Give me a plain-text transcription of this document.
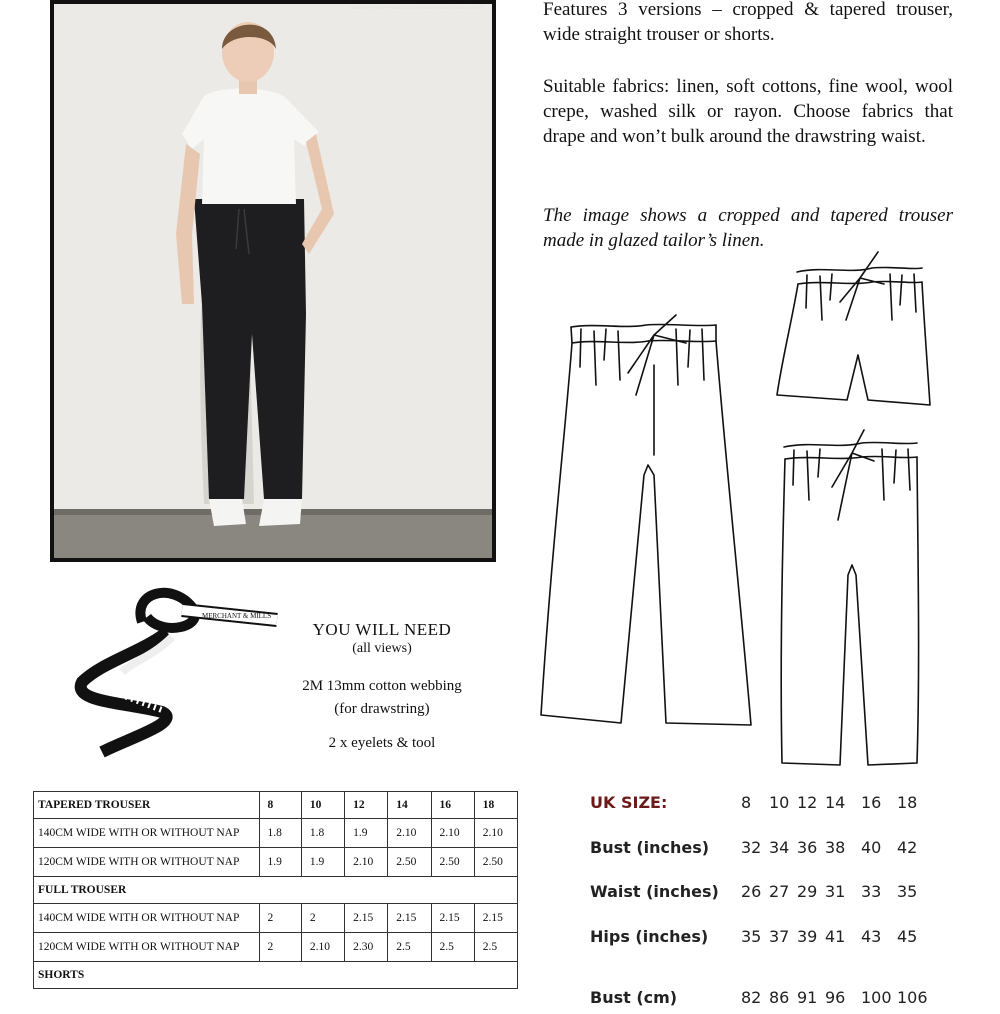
ANOTHER PERKY PRIME CUT FROM MERCHANT & MILLS EYE	Features 3 versions – cropped & tapered trouser, wide straight trouser or shorts.

Suitable fabrics: linen, soft cottons, fine wool, wool crepe, washed silk or rayon. Choose fabrics that drape and won’t bulk around the drawstring waist.

The image shows a cropped and tapered trouser made in glazed tailor’s linen.

MERCHANT & MILLS
YOU WILL NEED
(all views)
2M 13mm cotton webbing
(for drawstring)
2 x eyelets & tool
TAPERED TROUSER	8	10	12	14	16	18
140CM WIDE WITH OR WITHOUT NAP	1.8	1.8	1.9	2.10	2.10	2.10
120CM WIDE WITH OR WITHOUT NAP	1.9	1.9	2.10	2.50	2.50	2.50
FULL TROUSER						
140CM WIDE WITH OR WITHOUT NAP	2	2	2.15	2.15	2.15	2.15
120CM WIDE WITH OR WITHOUT NAP	2	2.10	2.30	2.5	2.5	2.5
SHORTS						
UK SIZE:	8 10 12 14 16 18
Bust (inches) 32 34 36 38 40 42
Waist (inches) 26 27 29 31 33 35
Hips (inches) 35 37 39 41 43 45
Bust (cm)	82 86 91 96 100 106
